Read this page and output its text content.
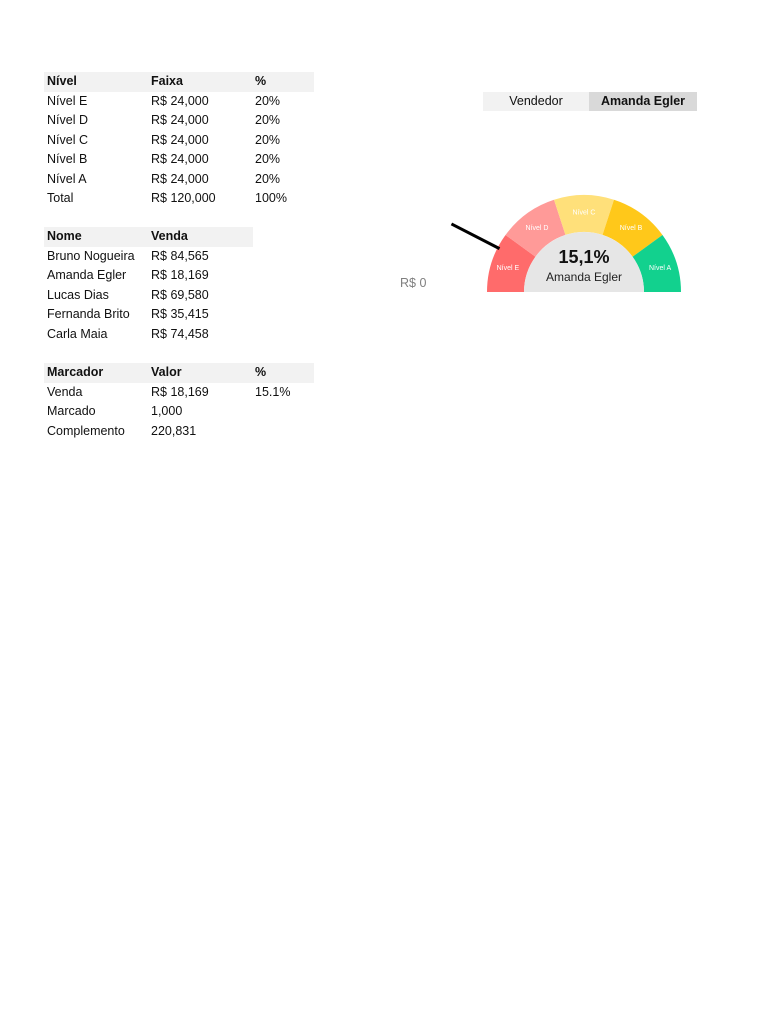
Nível	Faixa	%
Nível E	R$ 24,000	20%
Nível D	R$ 24,000	20%
Nível C	R$ 24,000	20%
Nível B	R$ 24,000	20%
Nível A	R$ 24,000	20%
Total	R$ 120,000	100%
Nome	Venda
Bruno Nogueira R$ 84,565
Amanda Egler R$ 18,169
Lucas Dias	R$ 69,580
Fernanda Brito R$ 35,415
Carla Maia	R$ 74,458
Marcador	Valor	%
Venda	R$ 18,169	15.1%
Marcado	1,000
Complemento 220,831
Vendedor	Amanda Egler
Nível E
Nível D
Nível C
Nível B
Nível A
R$ 0
15,1%
Amanda Egler
